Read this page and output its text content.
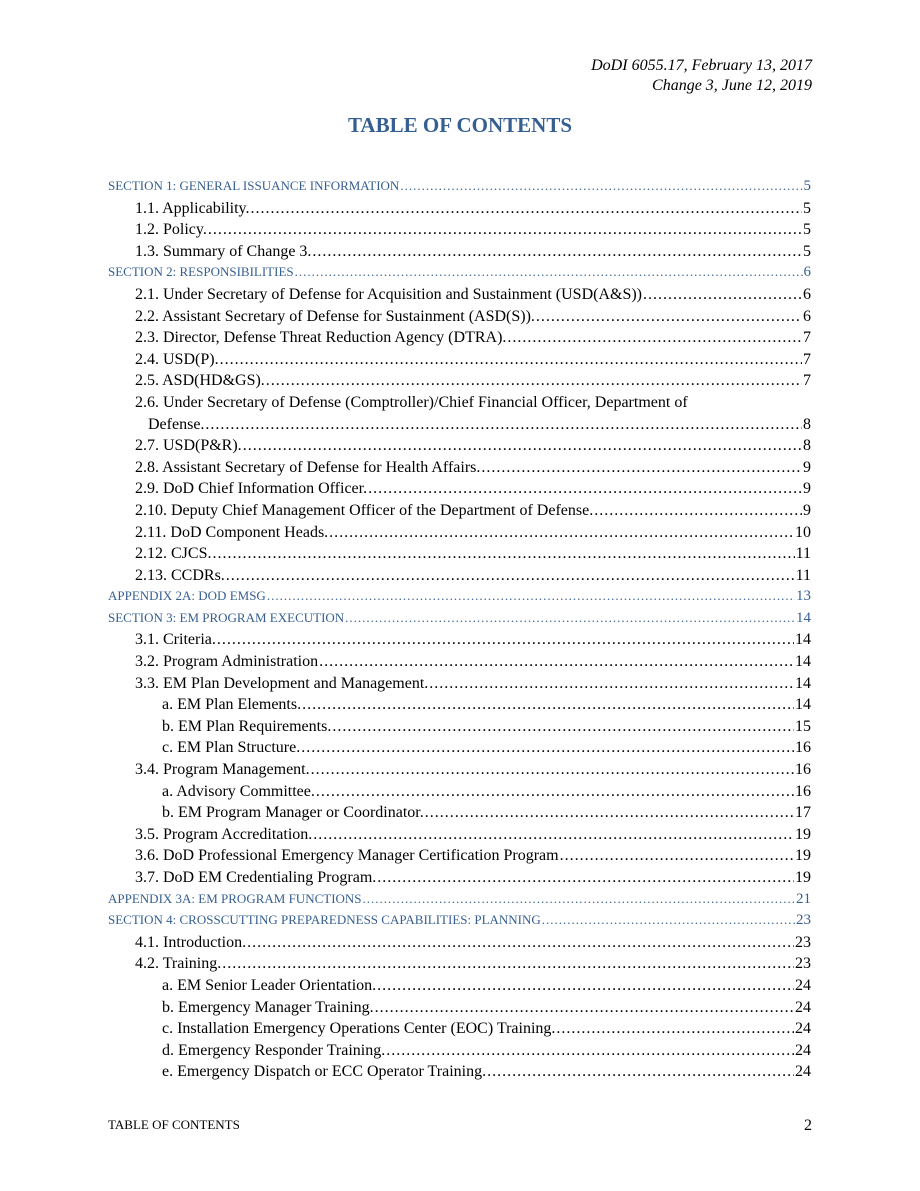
DoDI 6055.17, February 13, 2017
Change 3, June 12, 2019
TABLE OF CONTENTS
SECTION 1: GENERAL ISSUANCE INFORMATION .....	5
1.1. Applicability. .....	5
1.2. Policy. .....	5
1.3. Summary of Change 3. .....	5
SECTION 2: RESPONSIBILITIES .....	6
2.1. Under Secretary of Defense for Acquisition and Sustainment (USD(A&S)) .....	6
2.2. Assistant Secretary of Defense for Sustainment (ASD(S)). .....	6
2.3. Director, Defense Threat Reduction Agency (DTRA). .....	7
2.4. USD(P). .....	7
2.5. ASD(HD&GS). .....	7
2.6. Under Secretary of Defense (Comptroller)/Chief Financial Officer, Department of
Defense. .....	8
2.7. USD(P&R). .....	8
2.8. Assistant Secretary of Defense for Health Affairs. .....	9
2.9. DoD Chief Information Officer. .....	9
2.10. Deputy Chief Management Officer of the Department of Defense. .....	9
2.11. DoD Component Heads. .....	10
2.12. CJCS. .....	11
2.13. CCDRs. .....	11
APPENDIX 2A: DOD EMSG .....	13
SECTION 3: EM PROGRAM EXECUTION .....	14
3.1. Criteria. .....	14
3.2. Program Administration .....	14
3.3. EM Plan Development and Management. .....	14
a. EM Plan Elements. .....	14
b. EM Plan Requirements. .....	15
c. EM Plan Structure. .....	16
3.4. Program Management. .....	16
a. Advisory Committee. .....	16
b. EM Program Manager or Coordinator. .....	17
3.5. Program Accreditation. .....	19
3.6. DoD Professional Emergency Manager Certification Program .....	19
3.7. DoD EM Credentialing Program. .....	19
APPENDIX 3A: EM PROGRAM FUNCTIONS .....	21
SECTION 4: CROSSCUTTING PREPAREDNESS CAPABILITIES: PLANNING .....	23
4.1. Introduction. .....	23
4.2. Training. .....	23
a. EM Senior Leader Orientation. .....	24
b. Emergency Manager Training. .....	24
c. Installation Emergency Operations Center (EOC) Training. .....	24
d. Emergency Responder Training. .....	24
e. Emergency Dispatch or ECC Operator Training. .....	24
TABLE OF CONTENTS	2
